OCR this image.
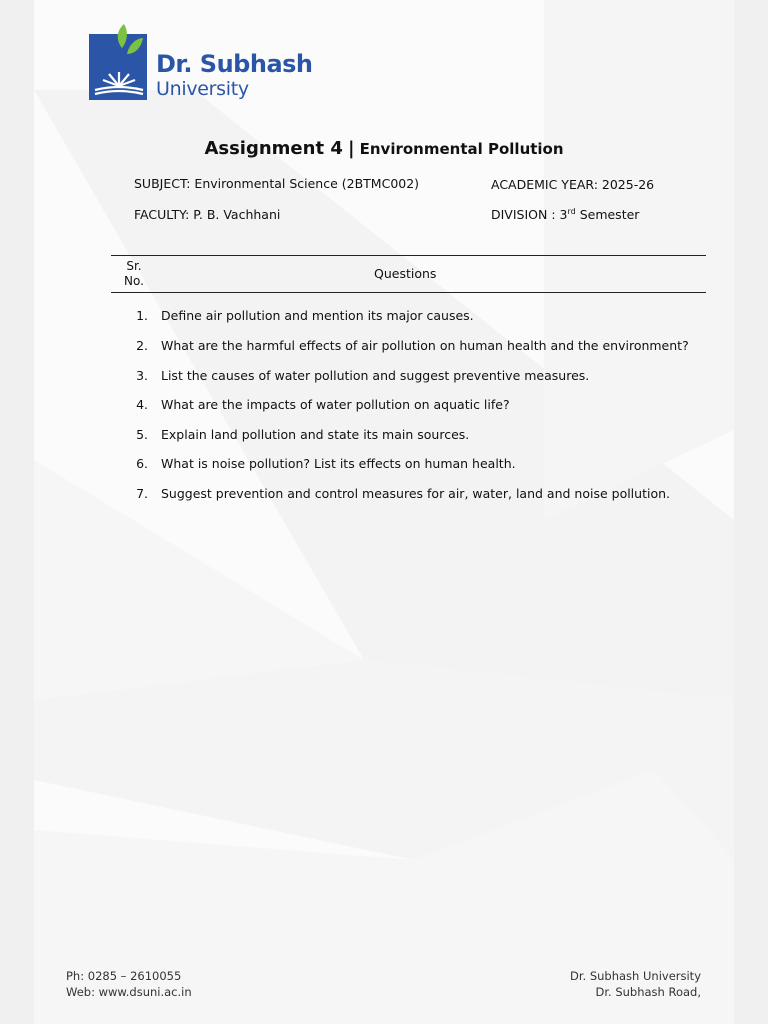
Dr. Subhash
University
Assignment 4 | Environmental Pollution
SUBJECT: Environmental Science (2BTMC002)	ACADEMIC YEAR: 2025-26
FACULTY: P. B. Vachhani	DIVISION : 3rd Semester
Sr.
No.	Questions
1. Define air pollution and mention its major causes.
2. What are the harmful effects of air pollution on human health and the environment?
3. List the causes of water pollution and suggest preventive measures.
4. What are the impacts of water pollution on aquatic life?
5. Explain land pollution and state its main sources.
6. What is noise pollution? List its effects on human health.
7. Suggest prevention and control measures for air, water, land and noise pollution.
Ph: 0285 – 2610055
Web: www.dsuni.ac.in
Dr. Subhash University
Dr. Subhash Road,
